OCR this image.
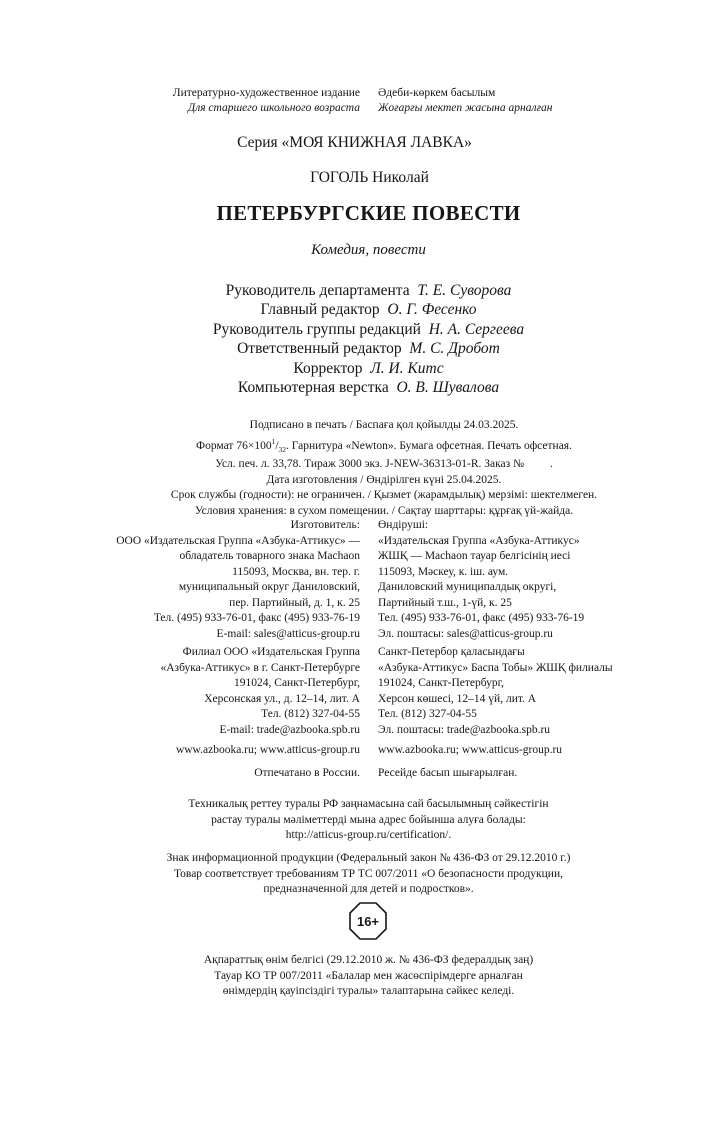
Литературно-художественное издание
Для старшего школьного возраста
Әдеби-көркем басылым
Жоғарғы мектеп жасына арналған
Серия «МОЯ КНИЖНАЯ ЛАВКА»
ГОГОЛЬ Николай
ПЕТЕРБУРГСКИЕ ПОВЕСТИ
Комедия, повести
Руководитель департамента Т. Е. Суворова
Главный редактор О. Г. Фесенко
Руководитель группы редакций Н. А. Сергеева
Ответственный редактор М. С. Дробот
Корректор Л. И. Китс
Компьютерная верстка О. В. Шувалова
Подписано в печать / Баспаға қол қойылды 24.03.2025.
Формат $76\times 100^1/_{32}$. Гарнитура «Newton». Бумага офсетная. Печать офсетная.
Усл. печ. л. 33,78. Тираж 3000 экз. J-NEW-36313-01-R. Заказ №         .
Дата изготовления / Өндірілген күні 25.04.2025.
Срок службы (годности): не ограничен. / Қызмет (жарамдылық) мерзімі: шектелмеген.
Условия хранения: в сухом помещении. / Сақтау шарттары: құрғақ үй-жайда.
Изготовитель:
ООО «Издательская Группа «Азбука-Аттикус» —
обладатель товарного знака Machaon
115093, Москва, вн. тер. г.
муниципальный округ Даниловский,
пер. Партийный, д. 1, к. 25
Тел. (495) 933-76-01, факс (495) 933-76-19
E-mail: sales@atticus-group.ru
Өндіруші:
«Издательская Группа «Азбука-Аттикус»
ЖШҚ — Machaon тауар белгісінің иесі
115093, Мәскеу, к. іш. аум.
Даниловский муниципалдық округі,
Партийный т.ш., 1-үй, к. 25
Тел. (495) 933-76-01, факс (495) 933-76-19
Эл. поштасы: sales@atticus-group.ru
Филиал ООО «Издательская Группа
«Азбука-Аттикус» в г. Санкт-Петербурге
191024, Санкт-Петербург,
Херсонская ул., д. 12–14, лит. А
Тел. (812) 327-04-55
E-mail: trade@azbooka.spb.ru
Санкт-Петербор қаласындағы
«Азбука-Аттикус» Баспа Тобы» ЖШҚ филиалы
191024, Санкт-Петербург,
Херсон көшесі, 12–14 үй, лит. А
Тел. (812) 327-04-55
Эл. поштасы: trade@azbooka.spb.ru
www.azbooka.ru; www.atticus-group.ru www.azbooka.ru; www.atticus-group.ru
Отпечатано в России. Ресейде басып шығарылған.
Техникалық реттеу туралы РФ заңнамасына сай басылымның сәйкестігін
растау туралы мәліметтерді мына адрес бойынша алуға болады:
http://atticus-group.ru/certification/.
Знак информационной продукции (Федеральный закон № 436-ФЗ от 29.12.2010 г.)
Товар соответствует требованиям ТР ТС 007/2011 «О безопасности продукции,
предназначенной для детей и подростков».
16+
Ақпараттық өнім белгісі (29.12.2010 ж. № 436-ФЗ федералдық заң)
Тауар КО ТР 007/2011 «Балалар мен жасөспірімдерге арналған
өнімдердің қауіпсіздігі туралы» талаптарына сәйкес келеді.
